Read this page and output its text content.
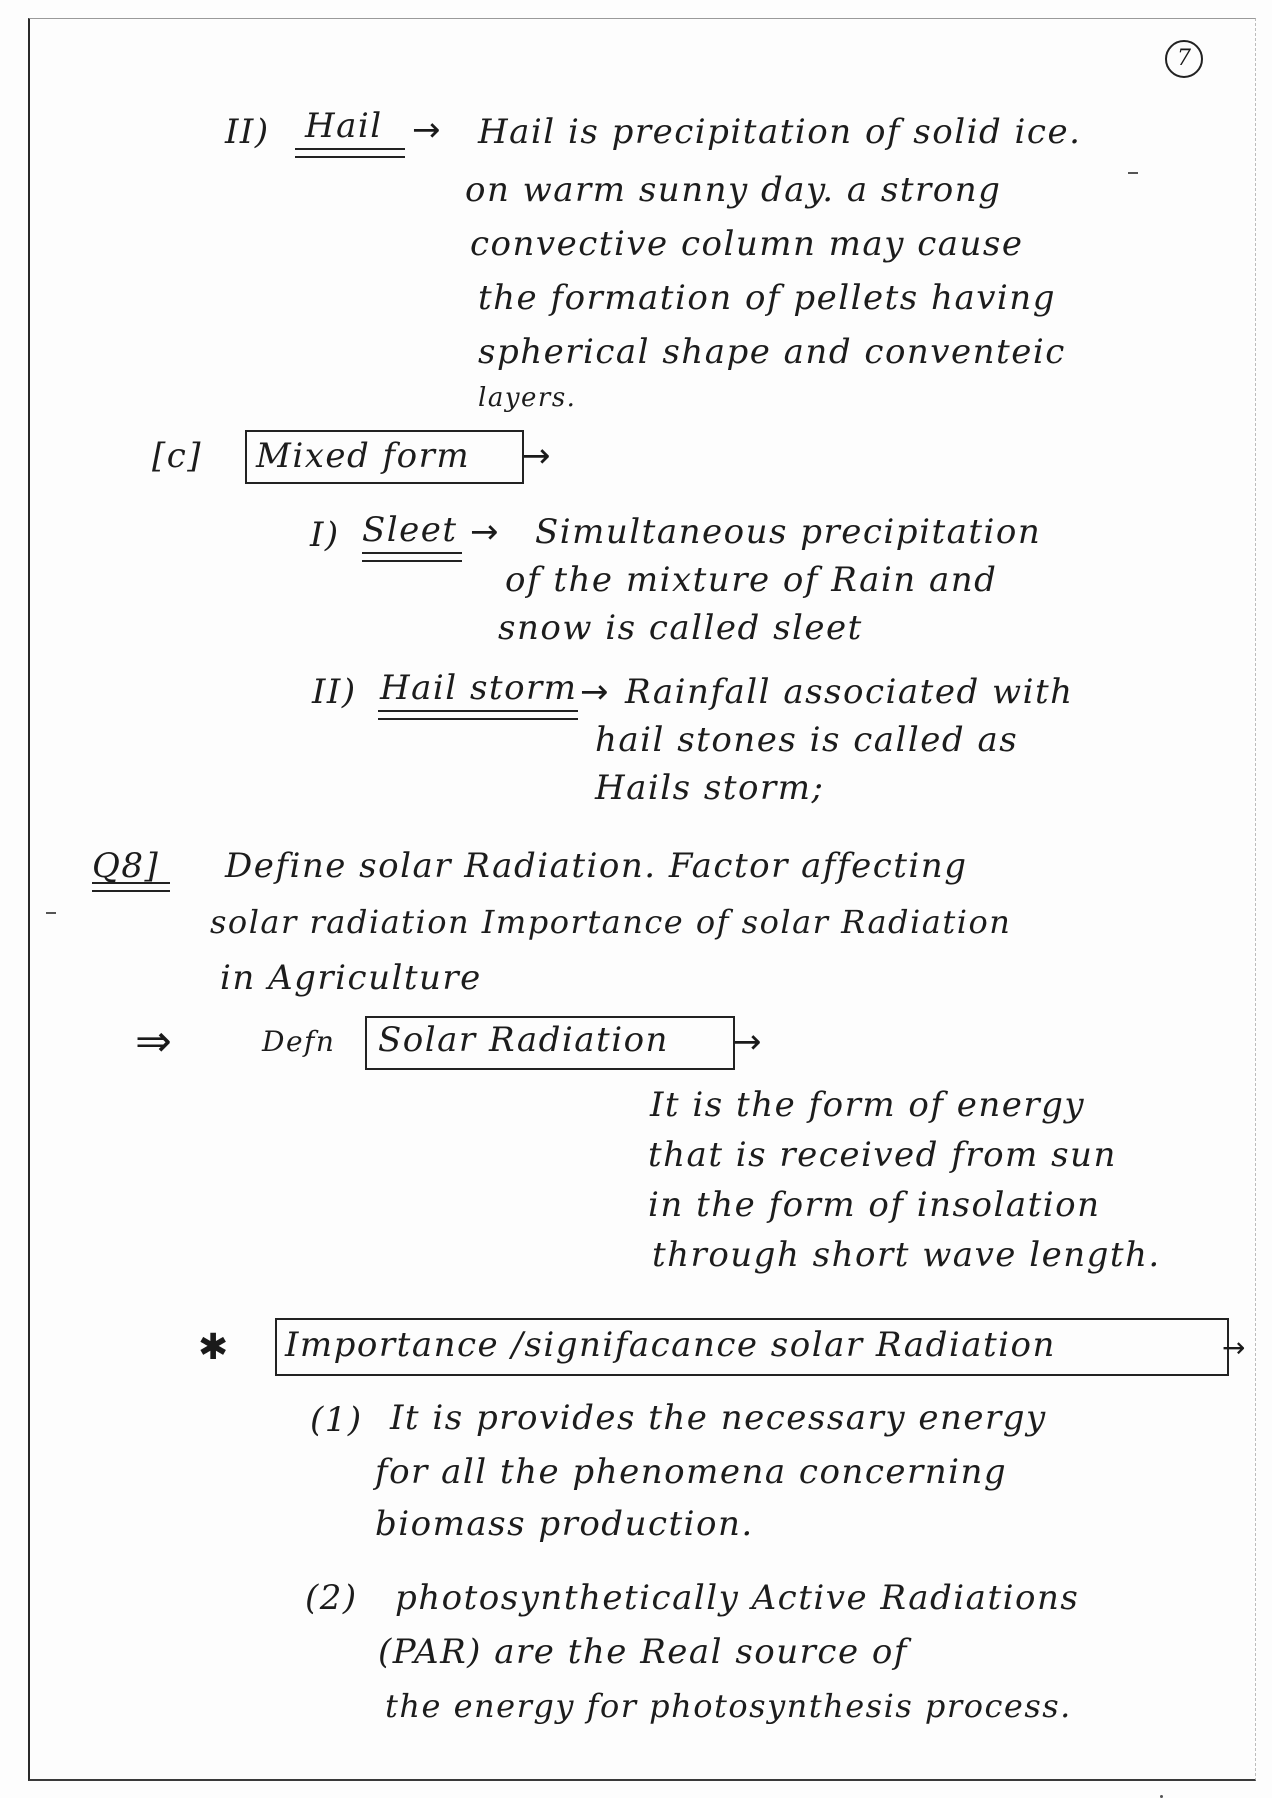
7
II) Hail → Hail is precipitation of solid ice.
on warm sunny day. a strong
convective column may cause
the formation of pellets having
spherical shape and conventeic
layers.
[c] Mixed form →
I) Sleet → Simultaneous precipitation
of the mixture of Rain and
snow is called sleet
II) Hail storm → Rainfall associated with
hail stones is called as
Hails storm;
Q8] Define solar Radiation. Factor affecting
solar radiation Importance of solar Radiation
in Agriculture
⇒	Defn Solar Radiation →
It is the form of energy
that is received from sun
in the form of insolation
through short wave length.
✱ Importance /signifacance solar Radiation	→
(1) It is provides the necessary energy
for all the phenomena concerning
biomass production.
(2) photosynthetically Active Radiations
(PAR) are the Real source of
the energy for photosynthesis process.
